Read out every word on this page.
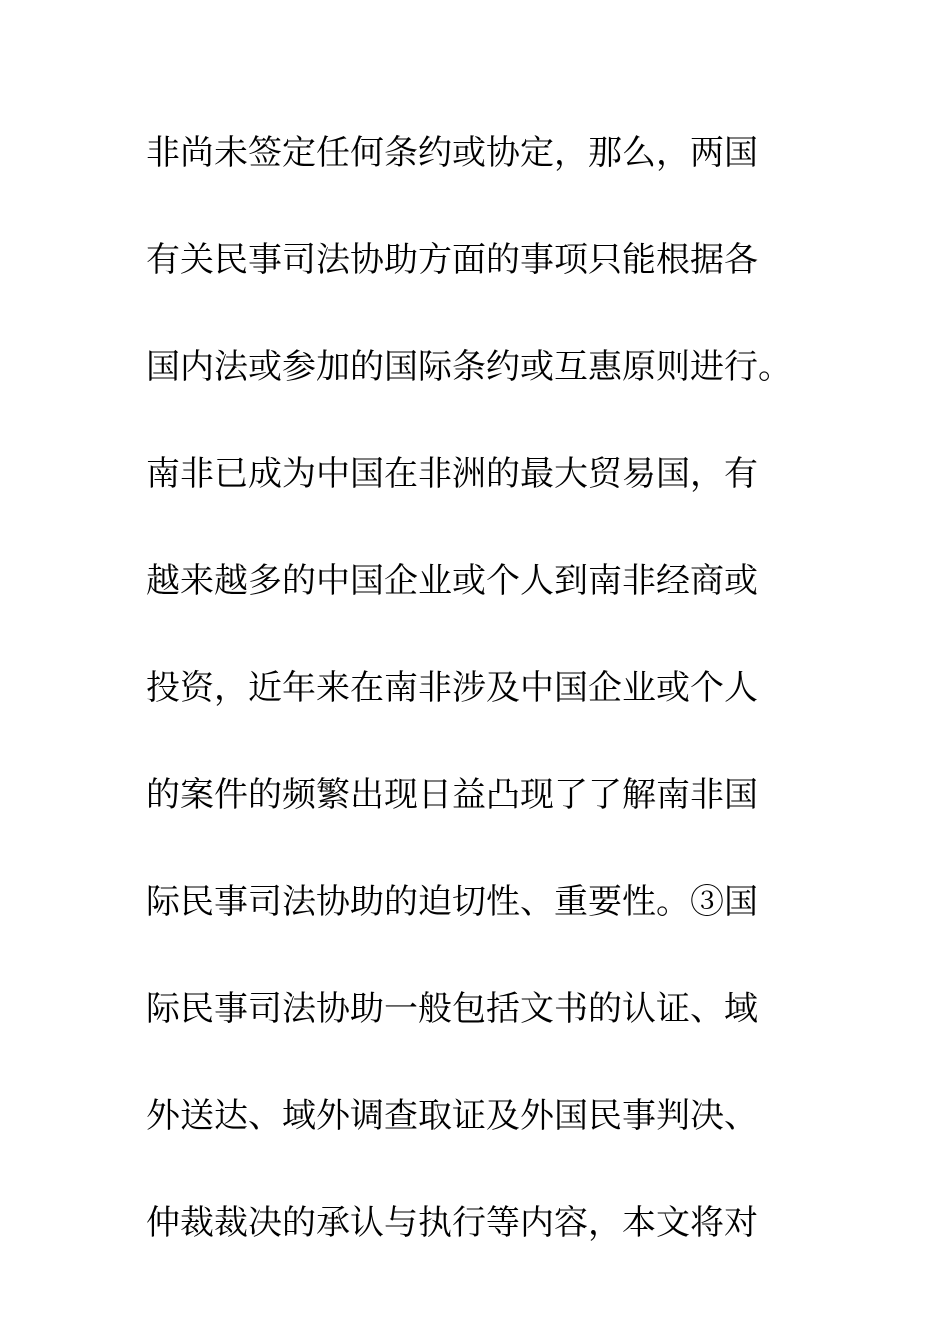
非尚未签定任何条约或协定，那么，两国
有关民事司法协助方面的事项只能根据各
国内法或参加的国际条约或互惠原则进行。
南非已成为中国在非洲的最大贸易国，有
越来越多的中国企业或个人到南非经商或
投资，近年来在南非涉及中国企业或个人
的案件的频繁出现日益凸现了了解南非国
际民事司法协助的迫切性、重要性。③国
际民事司法协助一般包括文书的认证、域
外送达、域外调查取证及外国民事判决、
仲裁裁决的承认与执行等内容，本文将对
